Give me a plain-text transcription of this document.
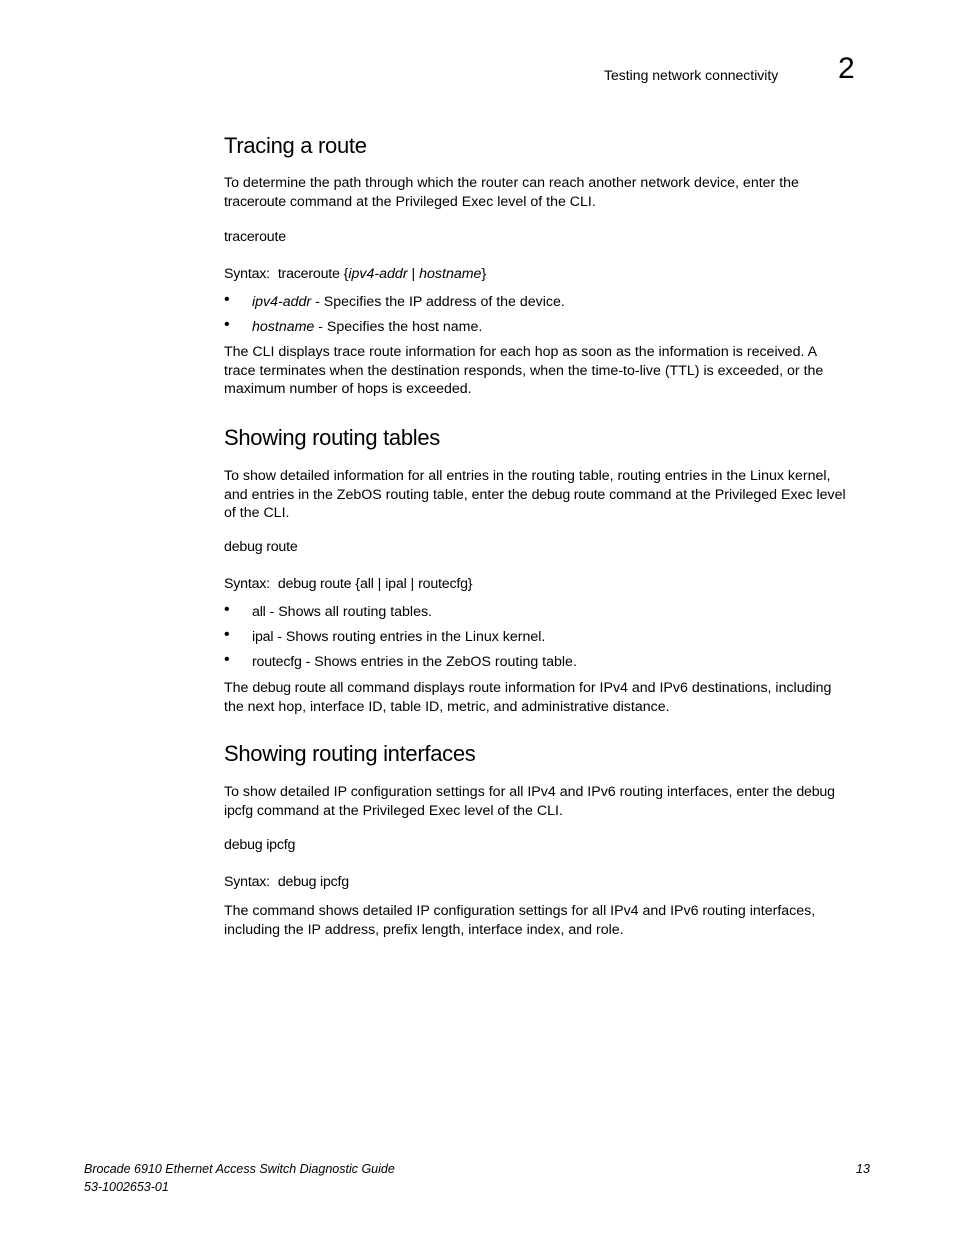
Testing network connectivity 2
Tracing a route

To determine the path through which the router can reach another network device, enter the
traceroute command at the Privileged Exec level of the CLI.

traceroute

Syntax: traceroute {ipv4-addr | hostname}

• ipv4-addr - Specifies the IP address of the device.
• hostname - Specifies the host name.

The CLI displays trace route information for each hop as soon as the information is received. A
trace terminates when the destination responds, when the time-to-live (TTL) is exceeded, or the
maximum number of hops is exceeded.

Showing routing tables

To show detailed information for all entries in the routing table, routing entries in the Linux kernel,
and entries in the ZebOS routing table, enter the debug route command at the Privileged Exec level
of the CLI.

debug route

Syntax: debug route {all | ipal | routecfg}

• all - Shows all routing tables.
• ipal - Shows routing entries in the Linux kernel.
• routecfg - Shows entries in the ZebOS routing table.

The debug route all command displays route information for IPv4 and IPv6 destinations, including
the next hop, interface ID, table ID, metric, and administrative distance.

Showing routing interfaces

To show detailed IP configuration settings for all IPv4 and IPv6 routing interfaces, enter the debug
ipcfg command at the Privileged Exec level of the CLI.

debug ipcfg

Syntax: debug ipcfg

The command shows detailed IP configuration settings for all IPv4 and IPv6 routing interfaces,
including the IP address, prefix length, interface index, and role.

Brocade 6910 Ethernet Access Switch Diagnostic Guide
53-1002653-01
13
